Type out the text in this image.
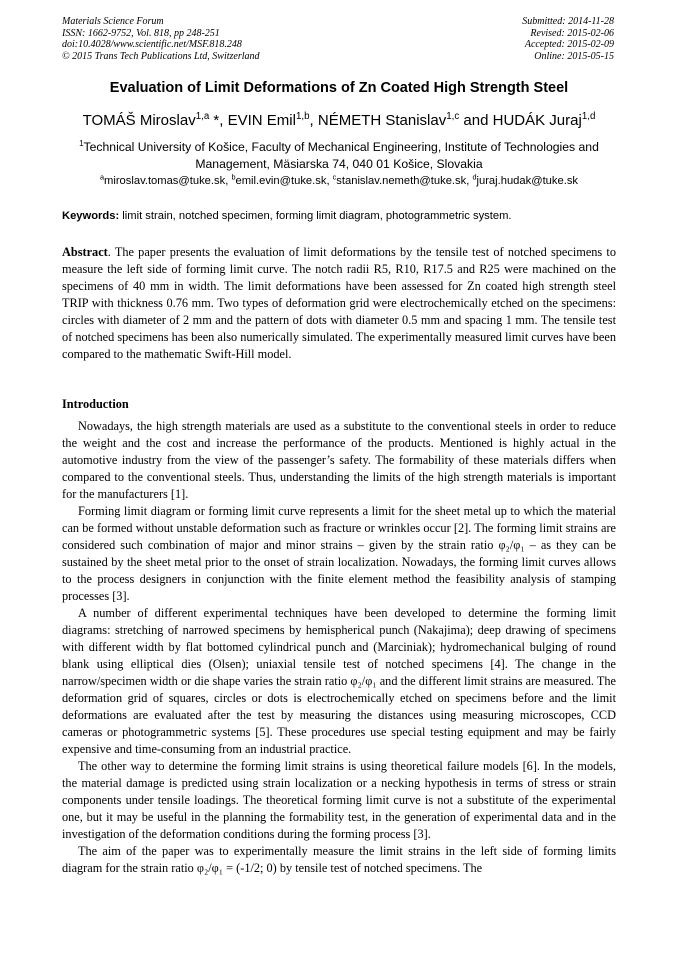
Materials Science Forum
ISSN: 1662-9752, Vol. 818, pp 248-251
doi:10.4028/www.scientific.net/MSF.818.248
© 2015 Trans Tech Publications Ltd, Switzerland
Submitted: 2014-11-28
Revised: 2015-02-06
Accepted: 2015-02-09
Online: 2015-05-15
Evaluation of Limit Deformations of Zn Coated High Strength Steel
TOMÁŠ Miroslav$^{1,a}$ *, EVIN Emil$^{1,b}$, NÉMETH Stanislav$^{1,c}$ and HUDÁK Juraj$^{1,d}$
$^1$Technical University of Košice, Faculty of Mechanical Engineering, Institute of Technologies and Management, Mäsiarska 74, 040 01 Košice, Slovakia
$^a$miroslav.tomas@tuke.sk, $^b$emil.evin@tuke.sk, $^c$stanislav.nemeth@tuke.sk, $^d$juraj.hudak@tuke.sk
Keywords: limit strain, notched specimen, forming limit diagram, photogrammetric system.
Abstract. The paper presents the evaluation of limit deformations by the tensile test of notched specimens to measure the left side of forming limit curve. The notch radii R5, R10, R17.5 and R25 were machined on the specimens of 40 mm in width. The limit deformations have been assessed for Zn coated high strength steel TRIP with thickness 0.76 mm. Two types of deformation grid were electrochemically etched on the specimens: circles with diameter of 2 mm and the pattern of dots with diameter 0.5 mm and spacing 1 mm. The tensile test of notched specimens has been also numerically simulated. The experimentally measured limit curves have been compared to the mathematic Swift-Hill model.
Introduction

Nowadays, the high strength materials are used as a substitute to the conventional steels in order to reduce the weight and the cost and increase the performance of the products. Mentioned is highly actual in the automotive industry from the view of the passenger’s safety. The formability of these materials differs when compared to the conventional steels. Thus, understanding the limits of the high strength materials is important for the manufacturers [1].

Forming limit diagram or forming limit curve represents a limit for the sheet metal up to which the material can be formed without unstable deformation such as fracture or wrinkles occur [2]. The forming limit strains are considered such combination of major and minor strains – given by the strain ratio φ₂/φ₁ – as they can be sustained by the sheet metal prior to the onset of strain localization. Nowadays, the forming limit curves allows to the process designers in conjunction with the finite element method the feasibility analysis of stamping processes [3].

A number of different experimental techniques have been developed to determine the forming limit diagrams: stretching of narrowed specimens by hemispherical punch (Nakajima); deep drawing of specimens with different width by flat bottomed cylindrical punch and (Marciniak); hydromechanical bulging of round blank using elliptical dies (Olsen); uniaxial tensile test of notched specimens [4]. The change in the narrow/specimen width or die shape varies the strain ratio φ₂/φ₁ and the different limit strains are measured. The deformation grid of squares, circles or dots is electrochemically etched on specimens before and the limit deformations are evaluated after the test by measuring the distances using measuring microscopes, CCD cameras or photogrammetric systems [5]. These procedures use special testing equipment and may be fairly expensive and time-consuming from an industrial practice.

The other way to determine the forming limit strains is using theoretical failure models [6]. In the models, the material damage is predicted using strain localization or a necking hypothesis in terms of stress or strain components under tensile loadings. The theoretical forming limit curve is not a substitute of the experimental one, but it may be useful in the planning the formability test, in the generation of experimental data and in the investigation of the deformation conditions during the forming process [3].

The aim of the paper was to experimentally measure the limit strains in the left side of forming limits diagram for the strain ratio φ₂/φ₁ = (-1/2; 0) by tensile test of notched specimens. The
